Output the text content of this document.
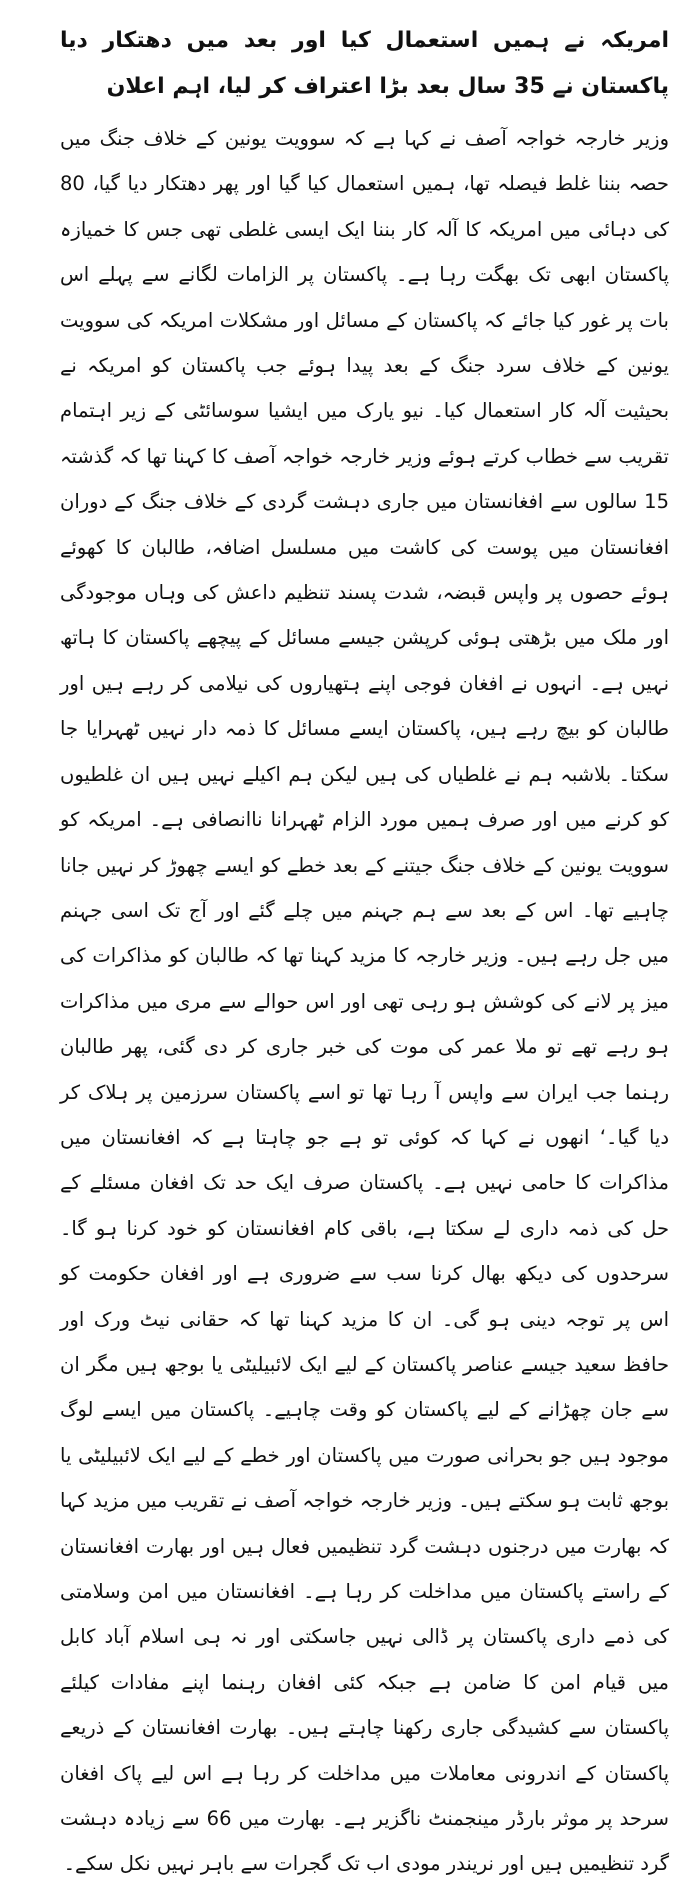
امریکہ نے ہمیں استعمال کیا اور بعد میں دھتکار دیا پاکستان نے 35 سال بعد بڑا اعتراف کر لیا، اہم اعلان

وزیر خارجہ خواجہ آصف نے کہا ہے کہ سوویت یونین کے خلاف جنگ میں حصہ بننا غلط فیصلہ تھا، ہمیں استعمال کیا گیا اور پھر دھتکار دیا گیا، 80 کی دہائی میں امریکہ کا آلہ کار بننا ایک ایسی غلطی تھی جس کا خمیازہ پاکستان ابھی تک بھگت رہا ہے۔ پاکستان پر الزامات لگانے سے پہلے اس بات پر غور کیا جائے کہ پاکستان کے مسائل اور مشکلات امریکہ کی سوویت یونین کے خلاف سرد جنگ کے بعد پیدا ہوئے جب پاکستان کو امریکہ نے بحیثیت آلہ کار استعمال کیا۔ نیو یارک میں ایشیا سوسائٹی کے زیر اہتمام تقریب سے خطاب کرتے ہوئے وزیر خارجہ خواجہ آصف کا کہنا تھا کہ گذشتہ 15 سالوں سے افغانستان میں جاری دہشت گردی کے خلاف جنگ کے دوران افغانستان میں پوست کی کاشت میں مسلسل اضافہ، طالبان کا کھوئے ہوئے حصوں پر واپس قبضہ، شدت پسند تنظیم داعش کی وہاں موجودگی اور ملک میں بڑھتی ہوئی کرپشن جیسے مسائل کے پیچھے پاکستان کا ہاتھ نہیں ہے۔ انہوں نے افغان فوجی اپنے ہتھیاروں کی نیلامی کر رہے ہیں اور طالبان کو بیچ رہے ہیں، پاکستان ایسے مسائل کا ذمہ دار نہیں ٹھہرایا جا سکتا۔ بلاشبہ ہم نے غلطیاں کی ہیں لیکن ہم اکیلے نہیں ہیں ان غلطیوں کو کرنے میں اور صرف ہمیں مورد الزام ٹھہرانا ناانصافی ہے۔ امریکہ کو سوویت یونین کے خلاف جنگ جیتنے کے بعد خطے کو ایسے چھوڑ کر نہیں جانا چاہیے تھا۔ اس کے بعد سے ہم جہنم میں چلے گئے اور آج تک اسی جہنم میں جل رہے ہیں۔ وزیر خارجہ کا مزید کہنا تھا کہ طالبان کو مذاکرات کی میز پر لانے کی کوشش ہو رہی تھی اور اس حوالے سے مری میں مذاکرات ہو رہے تھے تو ملا عمر کی موت کی خبر جاری کر دی گئی، پھر طالبان رہنما جب ایران سے واپس آ رہا تھا تو اسے پاکستان سرزمین پر ہلاک کر دیا گیا۔‘ انھوں نے کہا کہ کوئی تو ہے جو چاہتا ہے کہ افغانستان میں مذاکرات کا حامی نہیں ہے۔ پاکستان صرف ایک حد تک افغان مسئلے کے حل کی ذمہ داری لے سکتا ہے، باقی کام افغانستان کو خود کرنا ہو گا۔ سرحدوں کی دیکھ بھال کرنا سب سے ضروری ہے اور افغان حکومت کو اس پر توجہ دینی ہو گی۔ ان کا مزید کہنا تھا کہ حقانی نیٹ ورک اور حافظ سعید جیسے عناصر پاکستان کے لیے ایک لائبیلیٹی یا بوجھ ہیں مگر ان سے جان چھڑانے کے لیے پاکستان کو وقت چاہیے۔ پاکستان میں ایسے لوگ موجود ہیں جو بحرانی صورت میں پاکستان اور خطے کے لیے ایک لائبیلیٹی یا بوجھ ثابت ہو سکتے ہیں۔ وزیر خارجہ خواجہ آصف نے تقریب میں مزید کہا کہ بھارت میں درجنوں دہشت گرد تنظیمیں فعال ہیں اور بھارت افغانستان کے راستے پاکستان میں مداخلت کر رہا ہے۔ افغانستان میں امن وسلامتی کی ذمے داری پاکستان پر ڈالی نہیں جاسکتی اور نہ ہی اسلام آباد کابل میں قیام امن کا ضامن ہے جبکہ کئی افغان رہنما اپنے مفادات کیلئے پاکستان سے کشیدگی جاری رکھنا چاہتے ہیں۔ بھارت افغانستان کے ذریعے پاکستان کے اندرونی معاملات میں مداخلت کر رہا ہے اس لیے پاک افغان سرحد پر موثر بارڈر مینجمنٹ ناگزیر ہے۔ بھارت میں 66 سے زیادہ دہشت گرد تنظیمیں ہیں اور نریندر مودی اب تک گجرات سے باہر نہیں نکل سکے۔
